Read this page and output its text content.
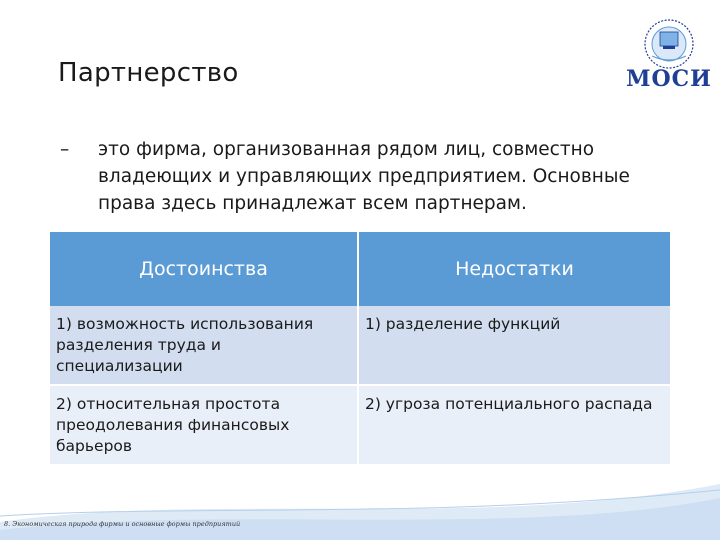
Партнерство	МОСИ
– это фирма, организованная рядом лиц, совместно владеющих и управляющих предприятием. Основные права здесь принадлежат всем партнерам.
Достоинства	Недостатки
1) возможность использования разделения труда и специализации	1) разделение функций
2) относительная простота преодолевания финансовых барьеров	2) угроза потенциального распада
8. Экономическая природа фирмы и основные формы предприятий
